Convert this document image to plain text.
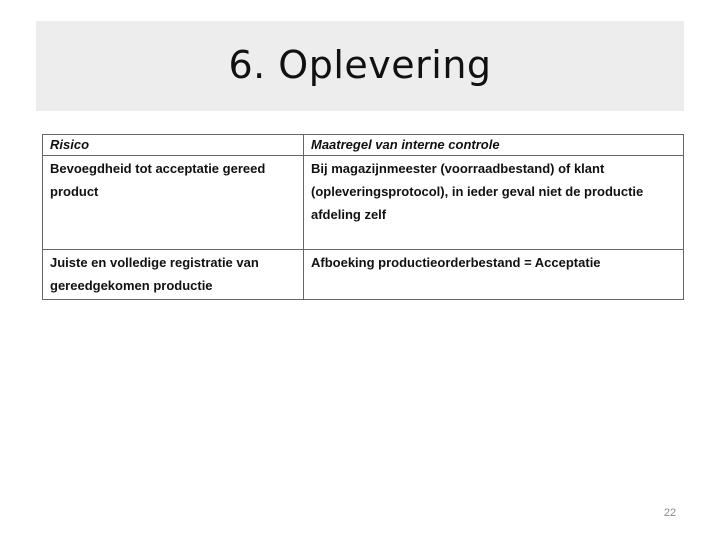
6. Oplevering
Risico	Maatregel van interne controle
Bevoegdheid tot acceptatie gereed product	Bij magazijnmeester (voorraadbestand) of klant (opleveringsprotocol), in ieder geval niet de productie afdeling zelf
Juiste en volledige registratie van gereedgekomen productie	Afboeking productieorderbestand = Acceptatie
22
